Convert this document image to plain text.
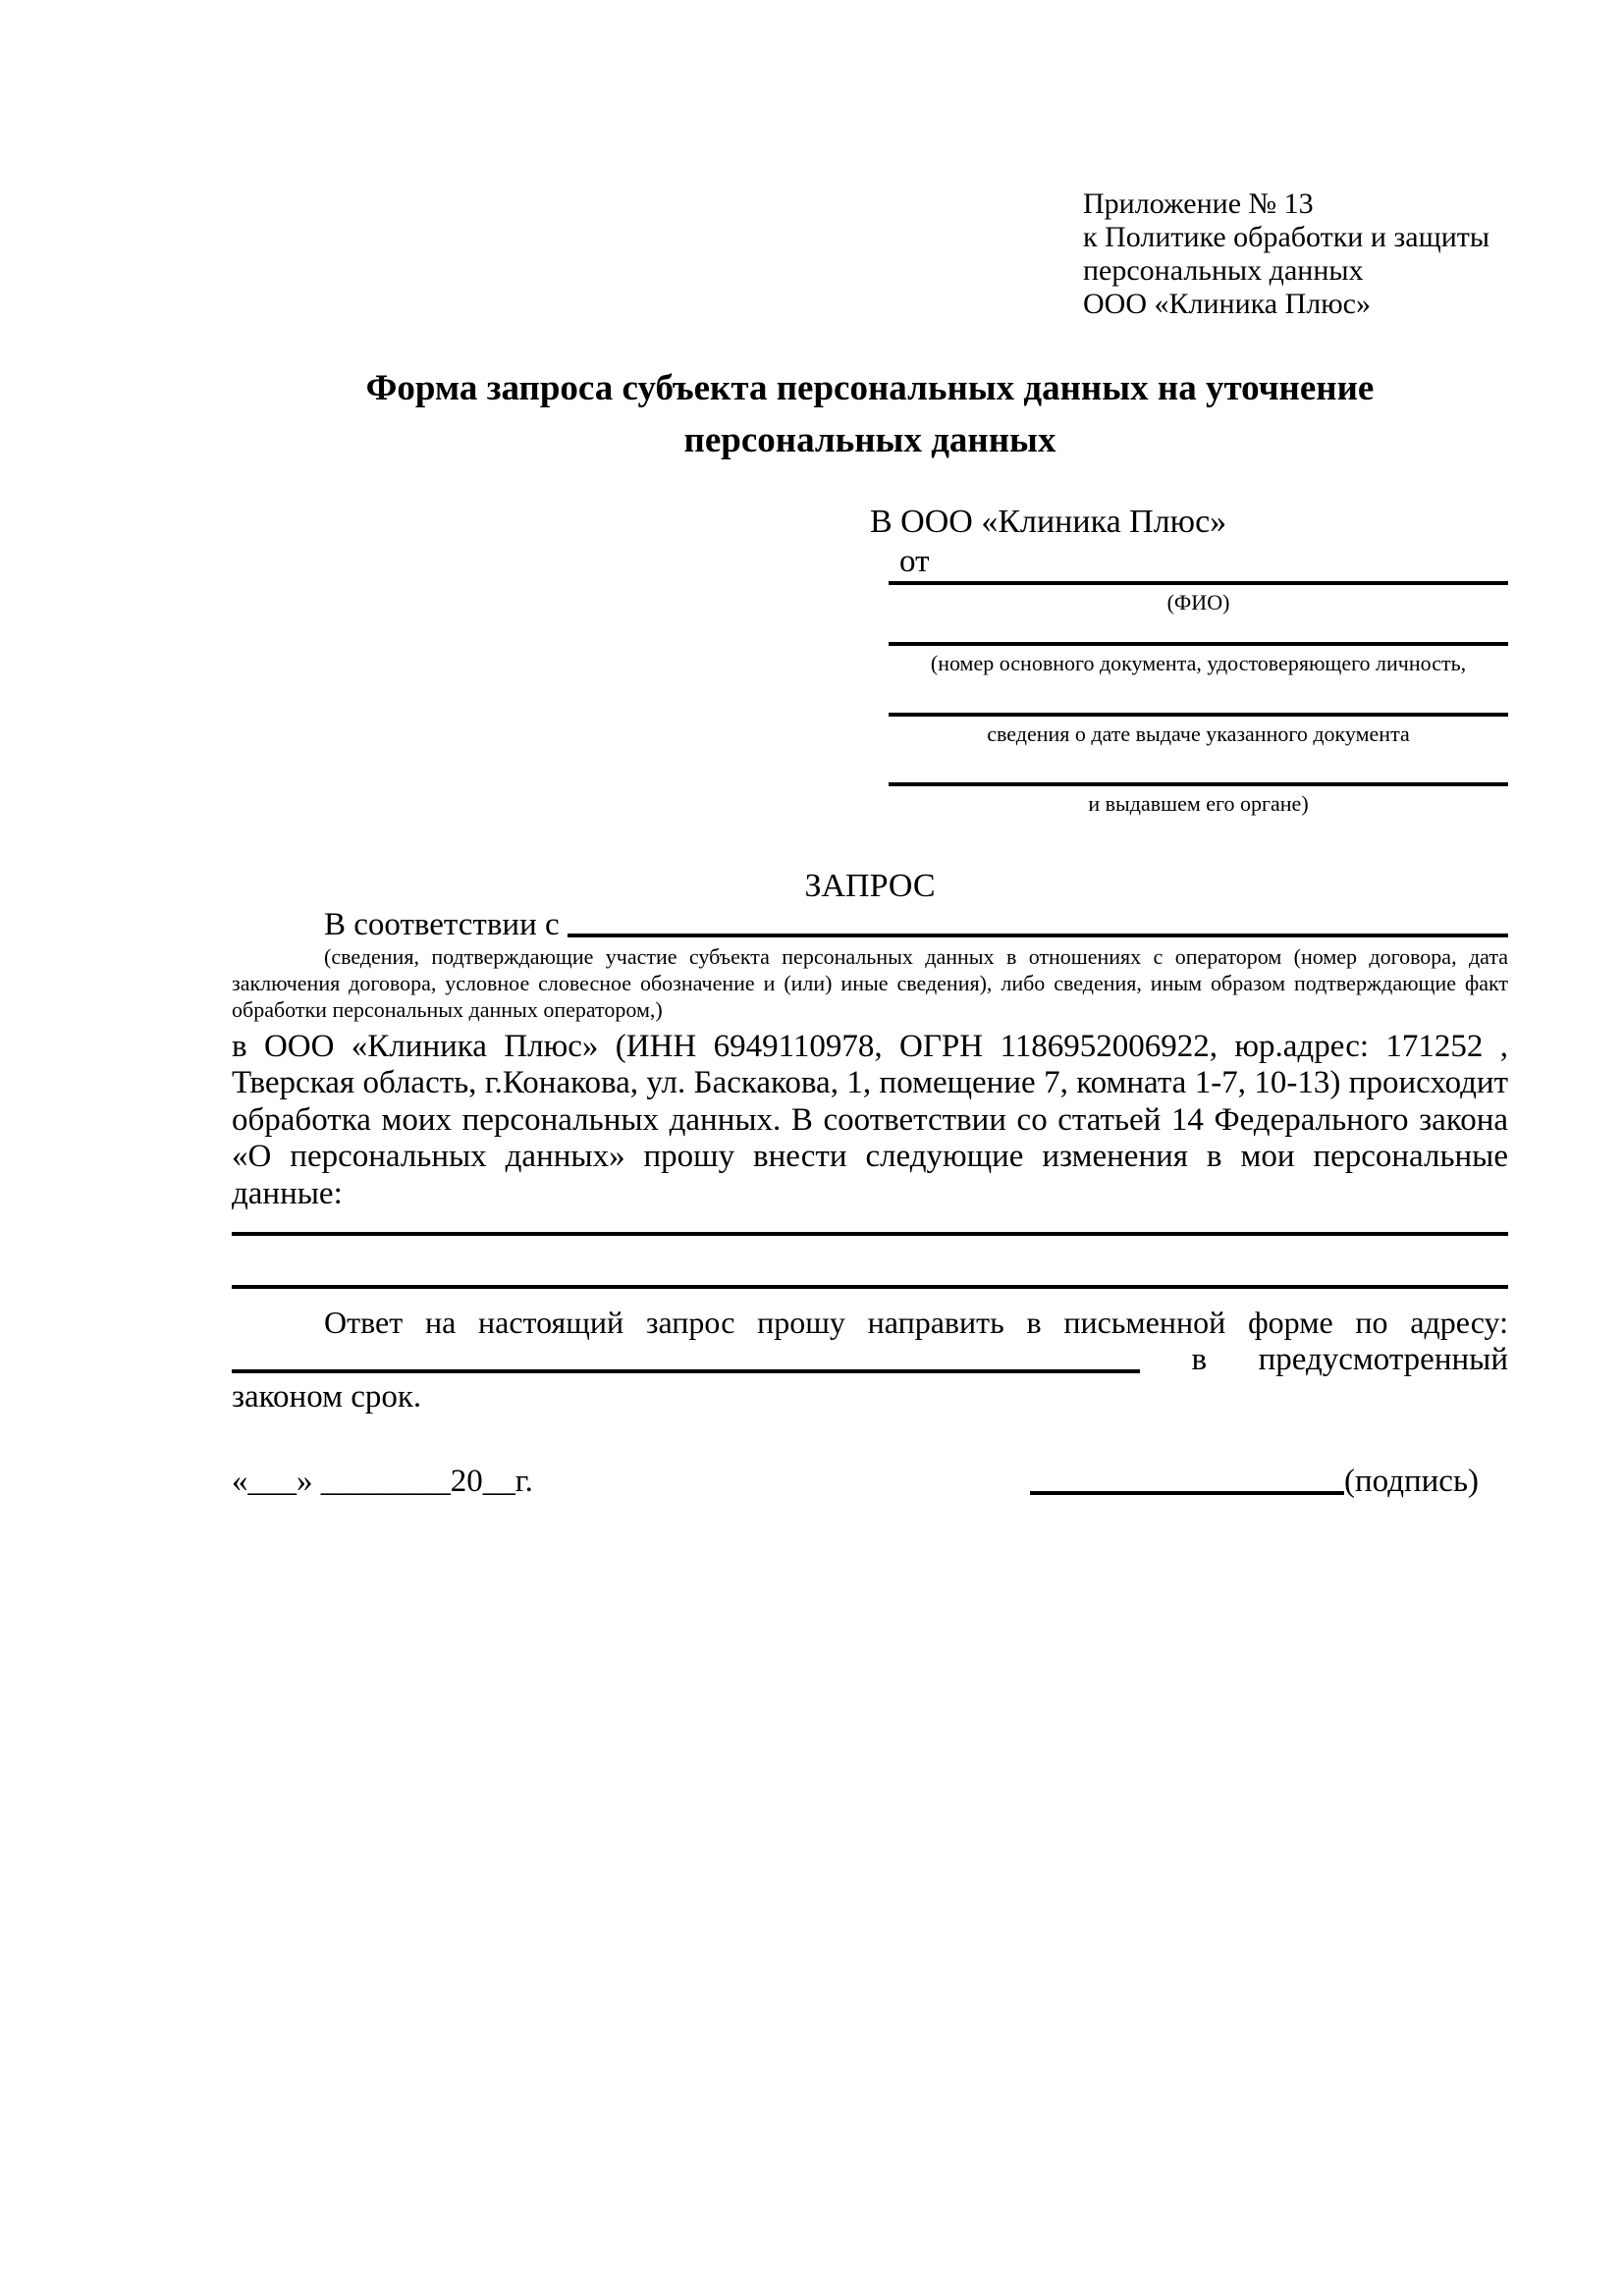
Приложение № 13
к Политике обработки и защиты
персональных данных
ООО «Клиника Плюс»
Форма запроса субъекта персональных данных на уточнение
персональных данных
В ООО «Клиника Плюс»
от
(ФИО)
(номер основного документа, удостоверяющего личность,
сведения о дате выдаче указанного документа
и выдавшем его органе)
ЗАПРОС
В соответствии с
(сведения, подтверждающие участие субъекта персональных данных в отношениях с оператором (номер договора, дата заключения договора, условное словесное обозначение и (или) иные сведения), либо сведения, иным образом подтверждающие факт обработки персональных данных оператором,)
в ООО «Клиника Плюс» (ИНН 6949110978, ОГРН 1186952006922, юр.адрес: 171252 , Тверская область, г.Конакова, ул. Баскакова, 1, помещение 7, комната 1-7, 10-13) происходит обработка моих персональных данных. В соответствии со статьей 14 Федерального закона «О персональных данных» прошу внести следующие изменения в мои персональные данные:
Ответ на настоящий запрос прошу направить в письменной форме по адресу:
в предусмотренный
законом срок.
«___» ________20__г.	(подпись)
